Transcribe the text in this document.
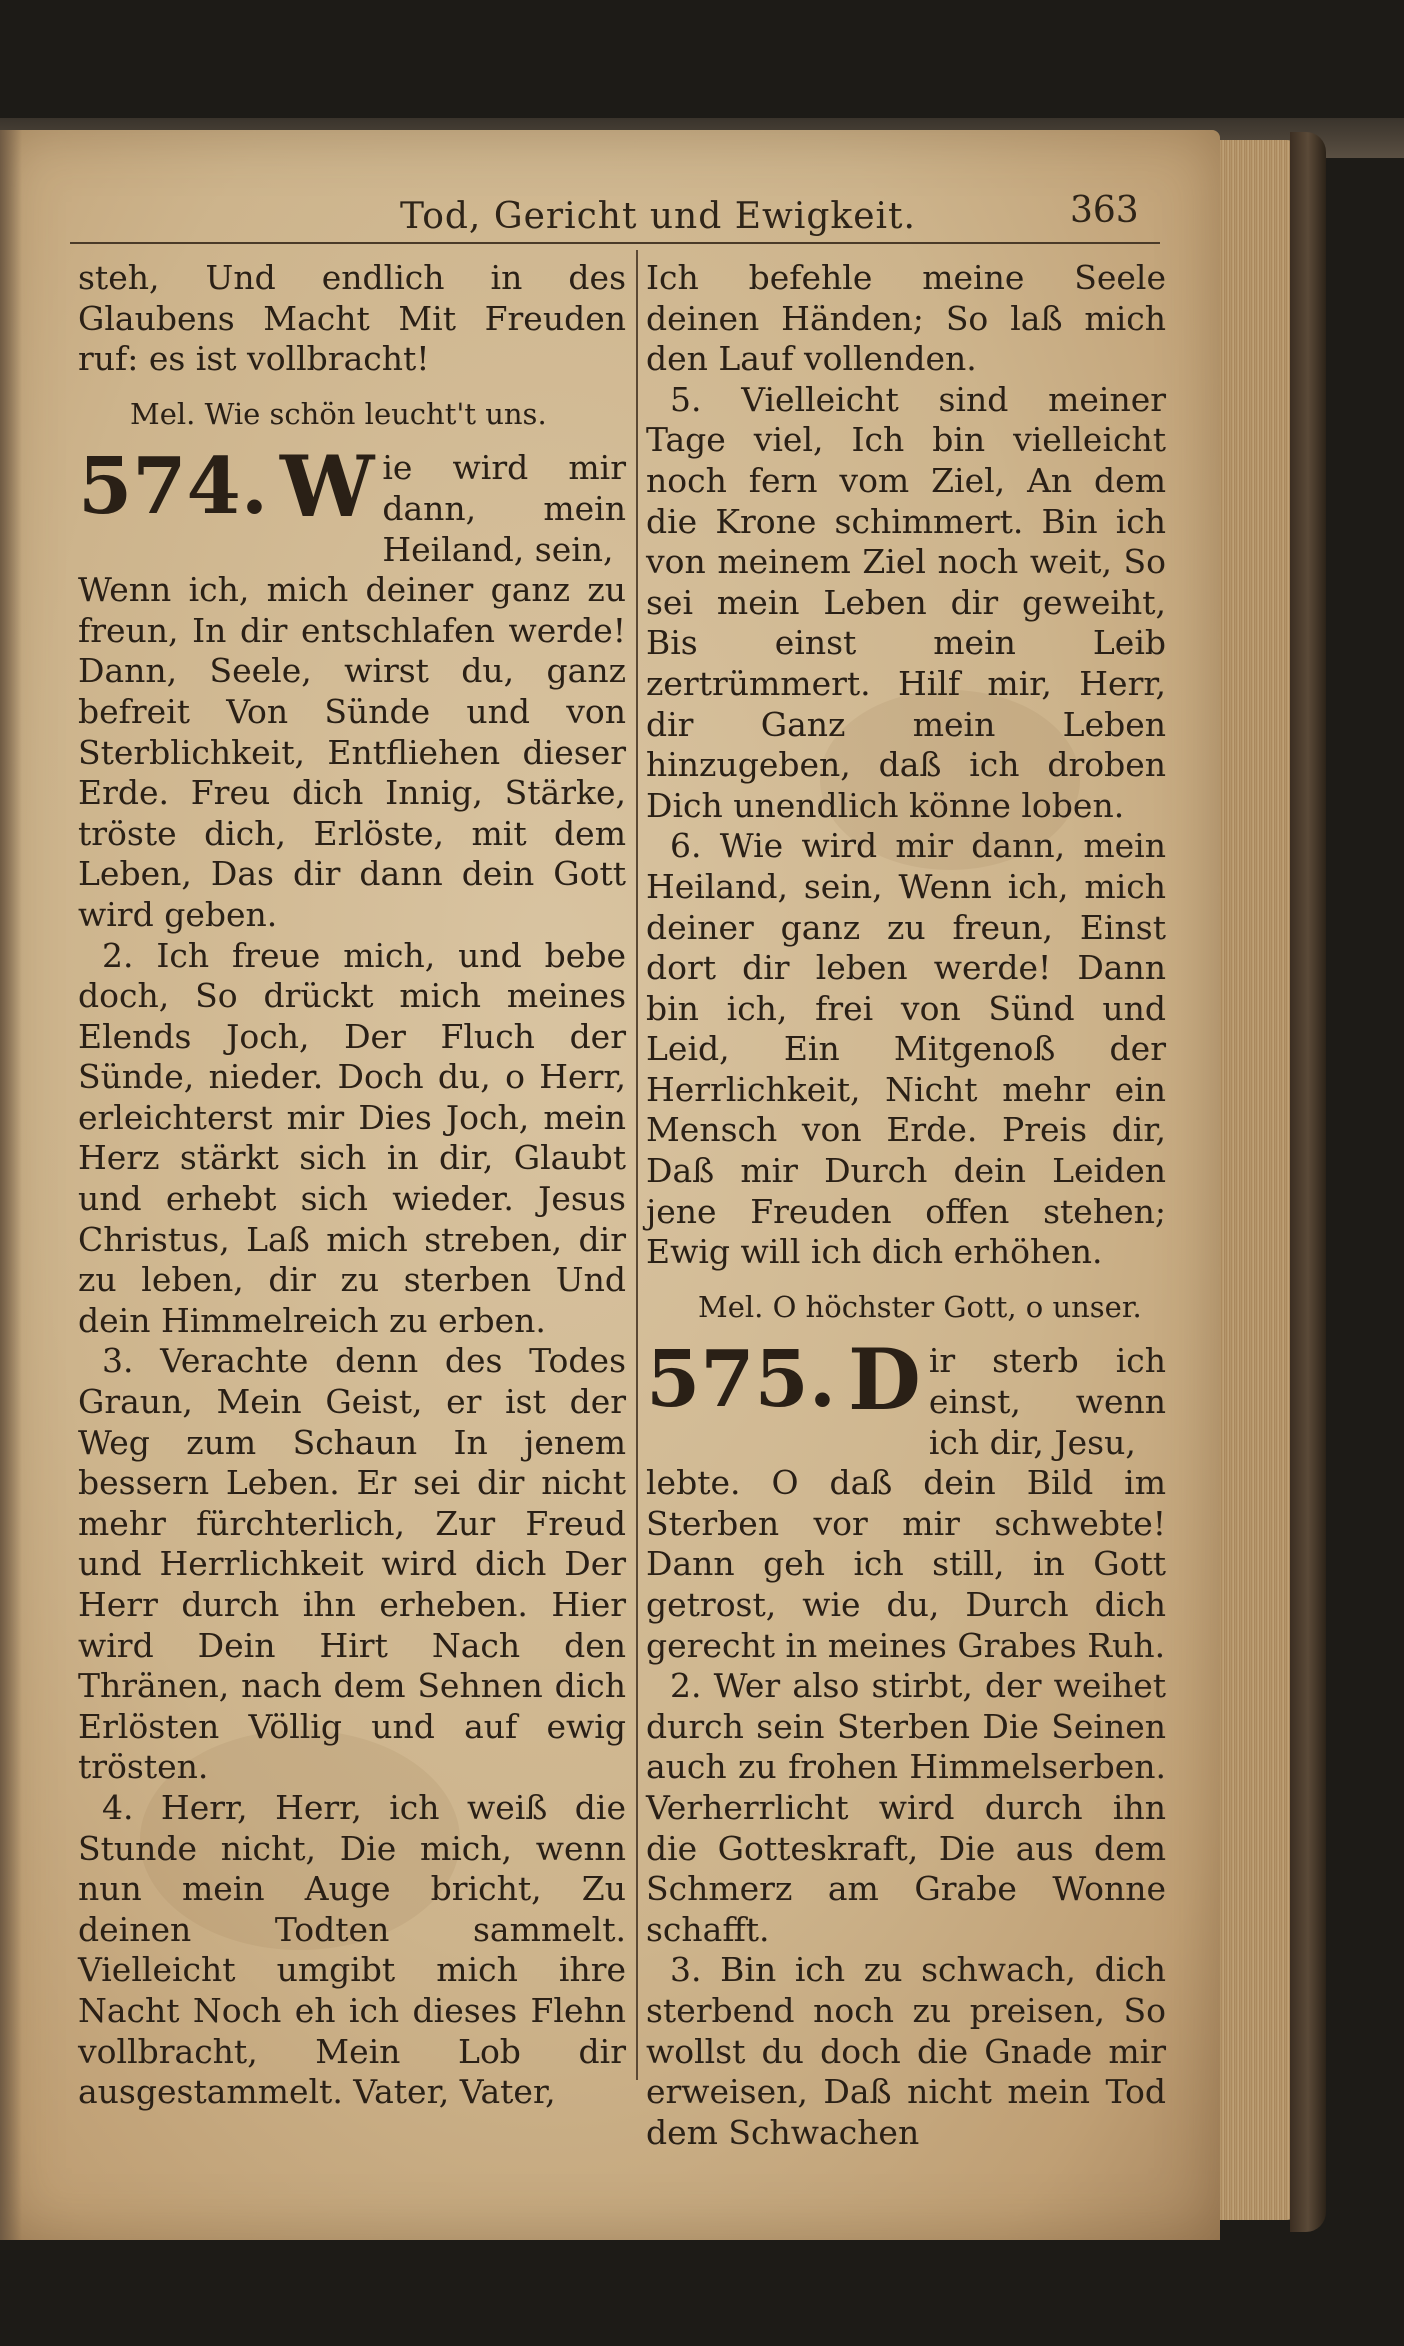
Tod, Gericht und Ewigkeit.	363

steh, Und endlich in des Glaubens Macht Mit Freuden ruf: es ist vollbracht!

Mel. Wie schön leucht't uns.

574. W ie wird mir dann, mein Heiland, sein,

Wenn ich, mich deiner ganz zu freun, In dir entschlafen werde! Dann, Seele, wirst du, ganz befreit Von Sünde und von Sterblichkeit, Entfliehen dieser Erde. Freu dich Innig, Stärke, tröste dich, Erlöste, mit dem Leben, Das dir dann dein Gott wird geben.

2. Ich freue mich, und bebe doch, So drückt mich meines Elends Joch, Der Fluch der Sünde, nieder. Doch du, o Herr, erleichterst mir Dies Joch, mein Herz stärkt sich in dir, Glaubt und erhebt sich wieder. Jesus Christus, Laß mich streben, dir zu leben, dir zu sterben Und dein Himmelreich zu erben.

3. Verachte denn des Todes Graun, Mein Geist, er ist der Weg zum Schaun In jenem bessern Leben. Er sei dir nicht mehr fürchterlich, Zur Freud und Herrlichkeit wird dich Der Herr durch ihn erheben. Hier wird Dein Hirt Nach den Thränen, nach dem Sehnen dich Erlösten Völlig und auf ewig trösten.

4. Herr, Herr, ich weiß die Stunde nicht, Die mich, wenn nun mein Auge bricht, Zu deinen Todten sammelt. Vielleicht umgibt mich ihre Nacht Noch eh ich dieses Flehn vollbracht, Mein Lob dir ausgestammelt. Vater, Vater,

Ich befehle meine Seele deinen Händen; So laß mich den Lauf vollenden.

5. Vielleicht sind meiner Tage viel, Ich bin vielleicht noch fern vom Ziel, An dem die Krone schimmert. Bin ich von meinem Ziel noch weit, So sei mein Leben dir geweiht, Bis einst mein Leib zertrümmert. Hilf mir, Herr, dir Ganz mein Leben hinzugeben, daß ich droben Dich unendlich könne loben.

6. Wie wird mir dann, mein Heiland, sein, Wenn ich, mich deiner ganz zu freun, Einst dort dir leben werde! Dann bin ich, frei von Sünd und Leid, Ein Mitgenoß der Herrlichkeit, Nicht mehr ein Mensch von Erde. Preis dir, Daß mir Durch dein Leiden jene Freuden offen stehen; Ewig will ich dich erhöhen.

Mel. O höchster Gott, o unser.

575. D ir sterb ich einst, wenn ich dir, Jesu,

lebte. O daß dein Bild im Sterben vor mir schwebte! Dann geh ich still, in Gott getrost, wie du, Durch dich gerecht in meines Grabes Ruh.

2. Wer also stirbt, der weihet durch sein Sterben Die Seinen auch zu frohen Himmelserben. Verherrlicht wird durch ihn die Gotteskraft, Die aus dem Schmerz am Grabe Wonne schafft.

3. Bin ich zu schwach, dich sterbend noch zu preisen, So wollst du doch die Gnade mir erweisen, Daß nicht mein Tod dem Schwachen
